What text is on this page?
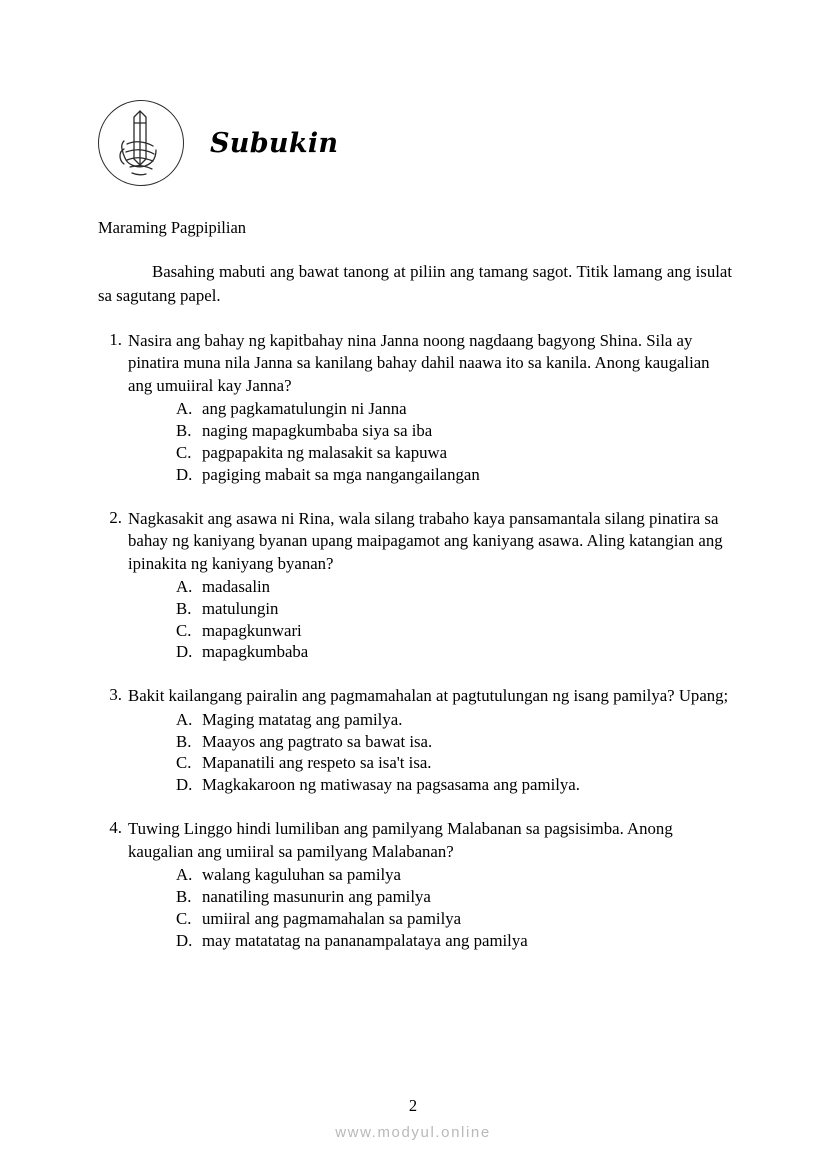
Subukin

Maraming Pagpipilian

Basahing mabuti ang bawat tanong at piliin ang tamang sagot. Titik lamang ang isulat sa sagutang papel.

1. Nasira ang bahay ng kapitbahay nina Janna noong nagdaang bagyong Shina. Sila ay pinatira muna nila Janna sa kanilang bahay dahil naawa ito sa kanila. Anong kaugalian ang umuiiral kay Janna?

A. ang pagkamatulungin ni Janna
B. naging mapagkumbaba siya sa iba
C. pagpapakita ng malasakit sa kapuwa
D. pagiging mabait sa mga nangangailangan
2. Nagkasakit ang asawa ni Rina, wala silang trabaho kaya pansamantala silang pinatira sa bahay ng kaniyang byanan upang maipagamot ang kaniyang asawa. Aling katangian ang ipinakita ng kaniyang byanan?

A. madasalin
B. matulungin
C. mapagkunwari
D. mapagkumbaba
3. Bakit kailangang pairalin ang pagmamahalan at pagtutulungan ng isang pamilya? Upang;

A. Maging matatag ang pamilya.
B. Maayos ang pagtrato sa bawat isa.
C. Mapanatili ang respeto sa isa't isa.
D. Magkakaroon ng matiwasay na pagsasama ang pamilya.
4. Tuwing Linggo hindi lumiliban ang pamilyang Malabanan sa pagsisimba. Anong kaugalian ang umiiral sa pamilyang Malabanan?

A. walang kaguluhan sa pamilya
B. nanatiling masunurin ang pamilya
C. umiiral ang pagmamahalan sa pamilya
D. may matatatag na pananampalataya ang pamilya
2
www.modyul.online
